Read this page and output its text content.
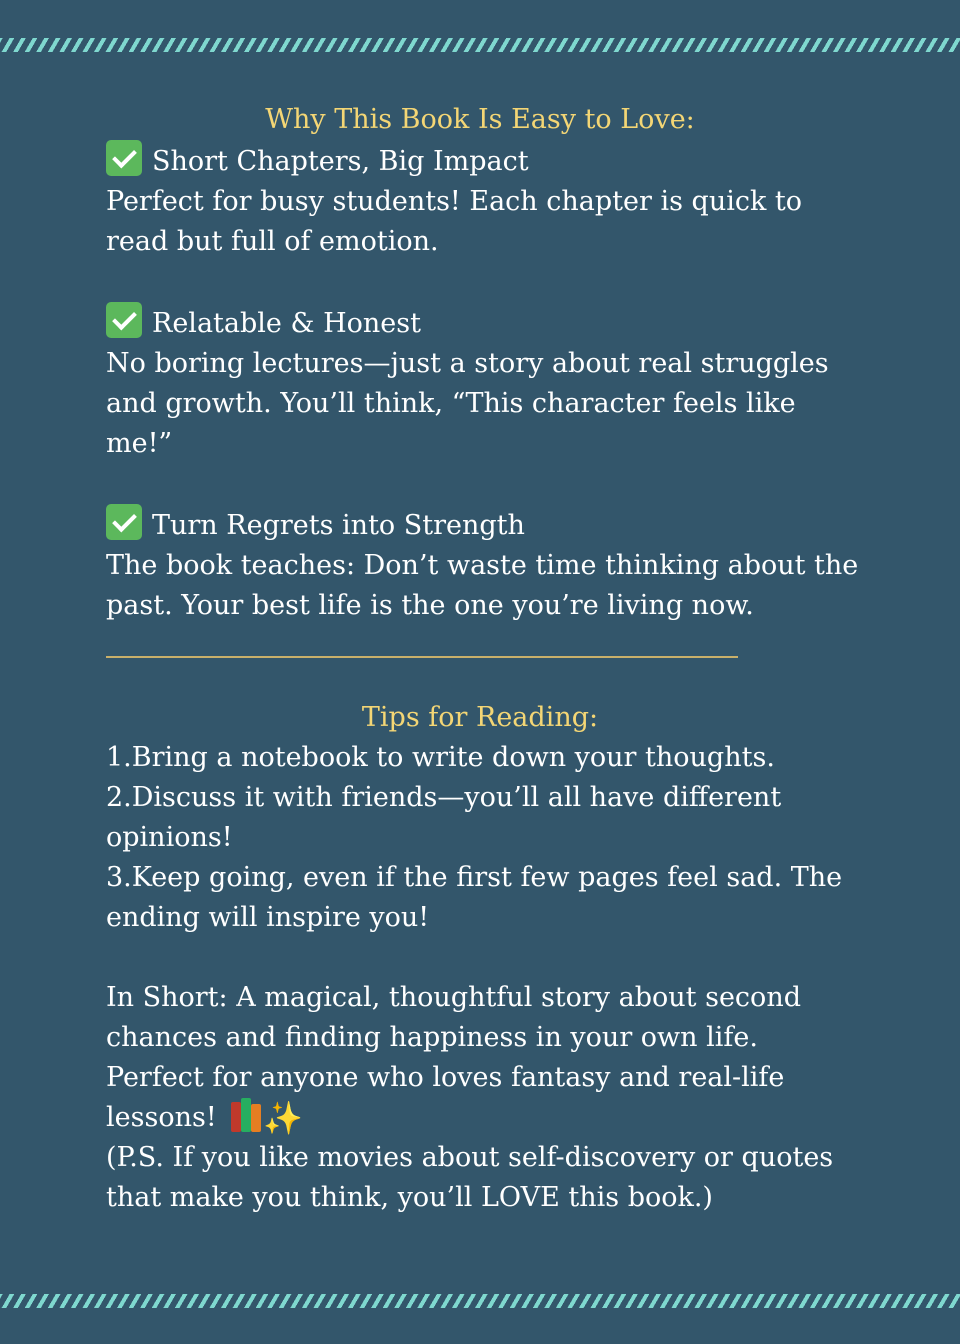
Why This Book Is Easy to Love:
Short Chapters, Big Impact
Perfect for busy students! Each chapter is quick to
read but full of emotion.
Relatable & Honest
No boring lectures—just a story about real struggles
and growth. You’ll think, “This character feels like me!”
Turn Regrets into Strength
The book teaches: Don’t waste time thinking about the
past. Your best life is the one you’re living now.
Tips for Reading:
1.Bring a notebook to write down your thoughts.
2.Discuss it with friends—you’ll all have different
opinions!
3.Keep going, even if the first few pages feel sad. The
ending will inspire you!
In Short: A magical, thoughtful story about second
chances and finding happiness in your own life.
Perfect for anyone who loves fantasy and real-life
lessons! ✨
(P.S. If you like movies about self-discovery or quotes
that make you think, you’ll LOVE this book.)
